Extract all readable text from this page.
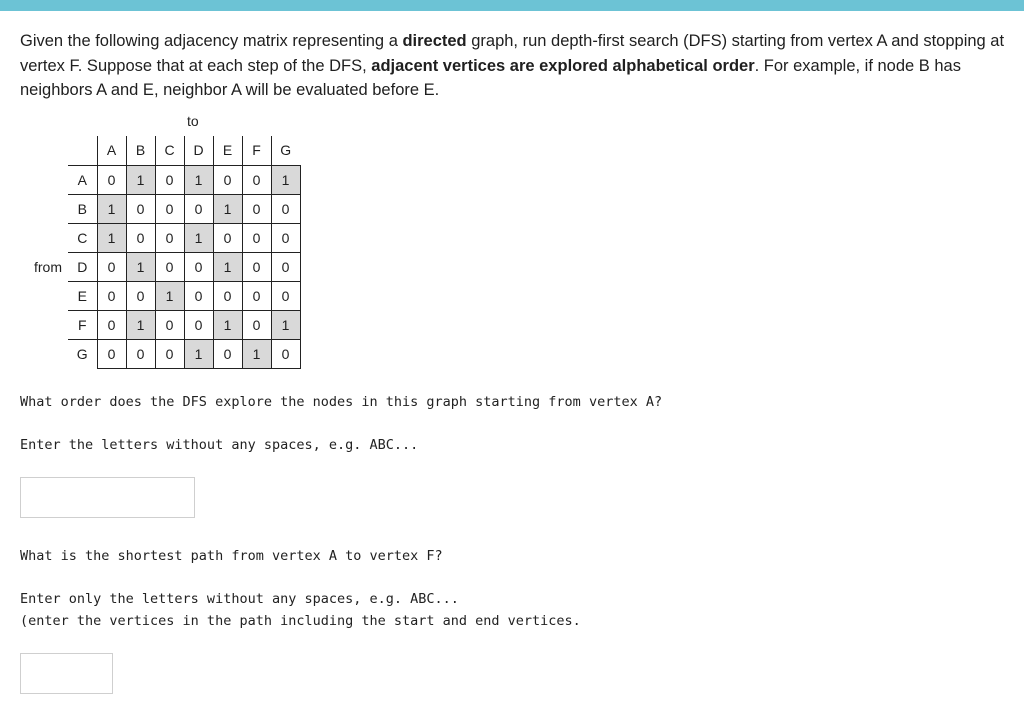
Given the following adjacency matrix representing a directed graph, run depth-first search (DFS) starting from vertex A and stopping at vertex F. Suppose that at each step of the DFS, adjacent vertices are explored alphabetical order. For example, if node B has neighbors A and E, neighbor A will be evaluated before E.

to
from
	A	B	C	D	E	F	G
A	0	1	0	1	0	0	1
B	1	0	0	0	1	0	0
C	1	0	0	1	0	0	0
D	0	1	0	0	1	0	0
E	0	0	1	0	0	0	0
F	0	1	0	0	1	0	1
G	0	0	0	1	0	1	0

What order does the DFS explore the nodes in this graph starting from vertex A?

Enter the letters without any spaces, e.g. ABC...

What is the shortest path from vertex A to vertex F?

Enter only the letters without any spaces, e.g. ABC...

(enter the vertices in the path including the start and end vertices.
